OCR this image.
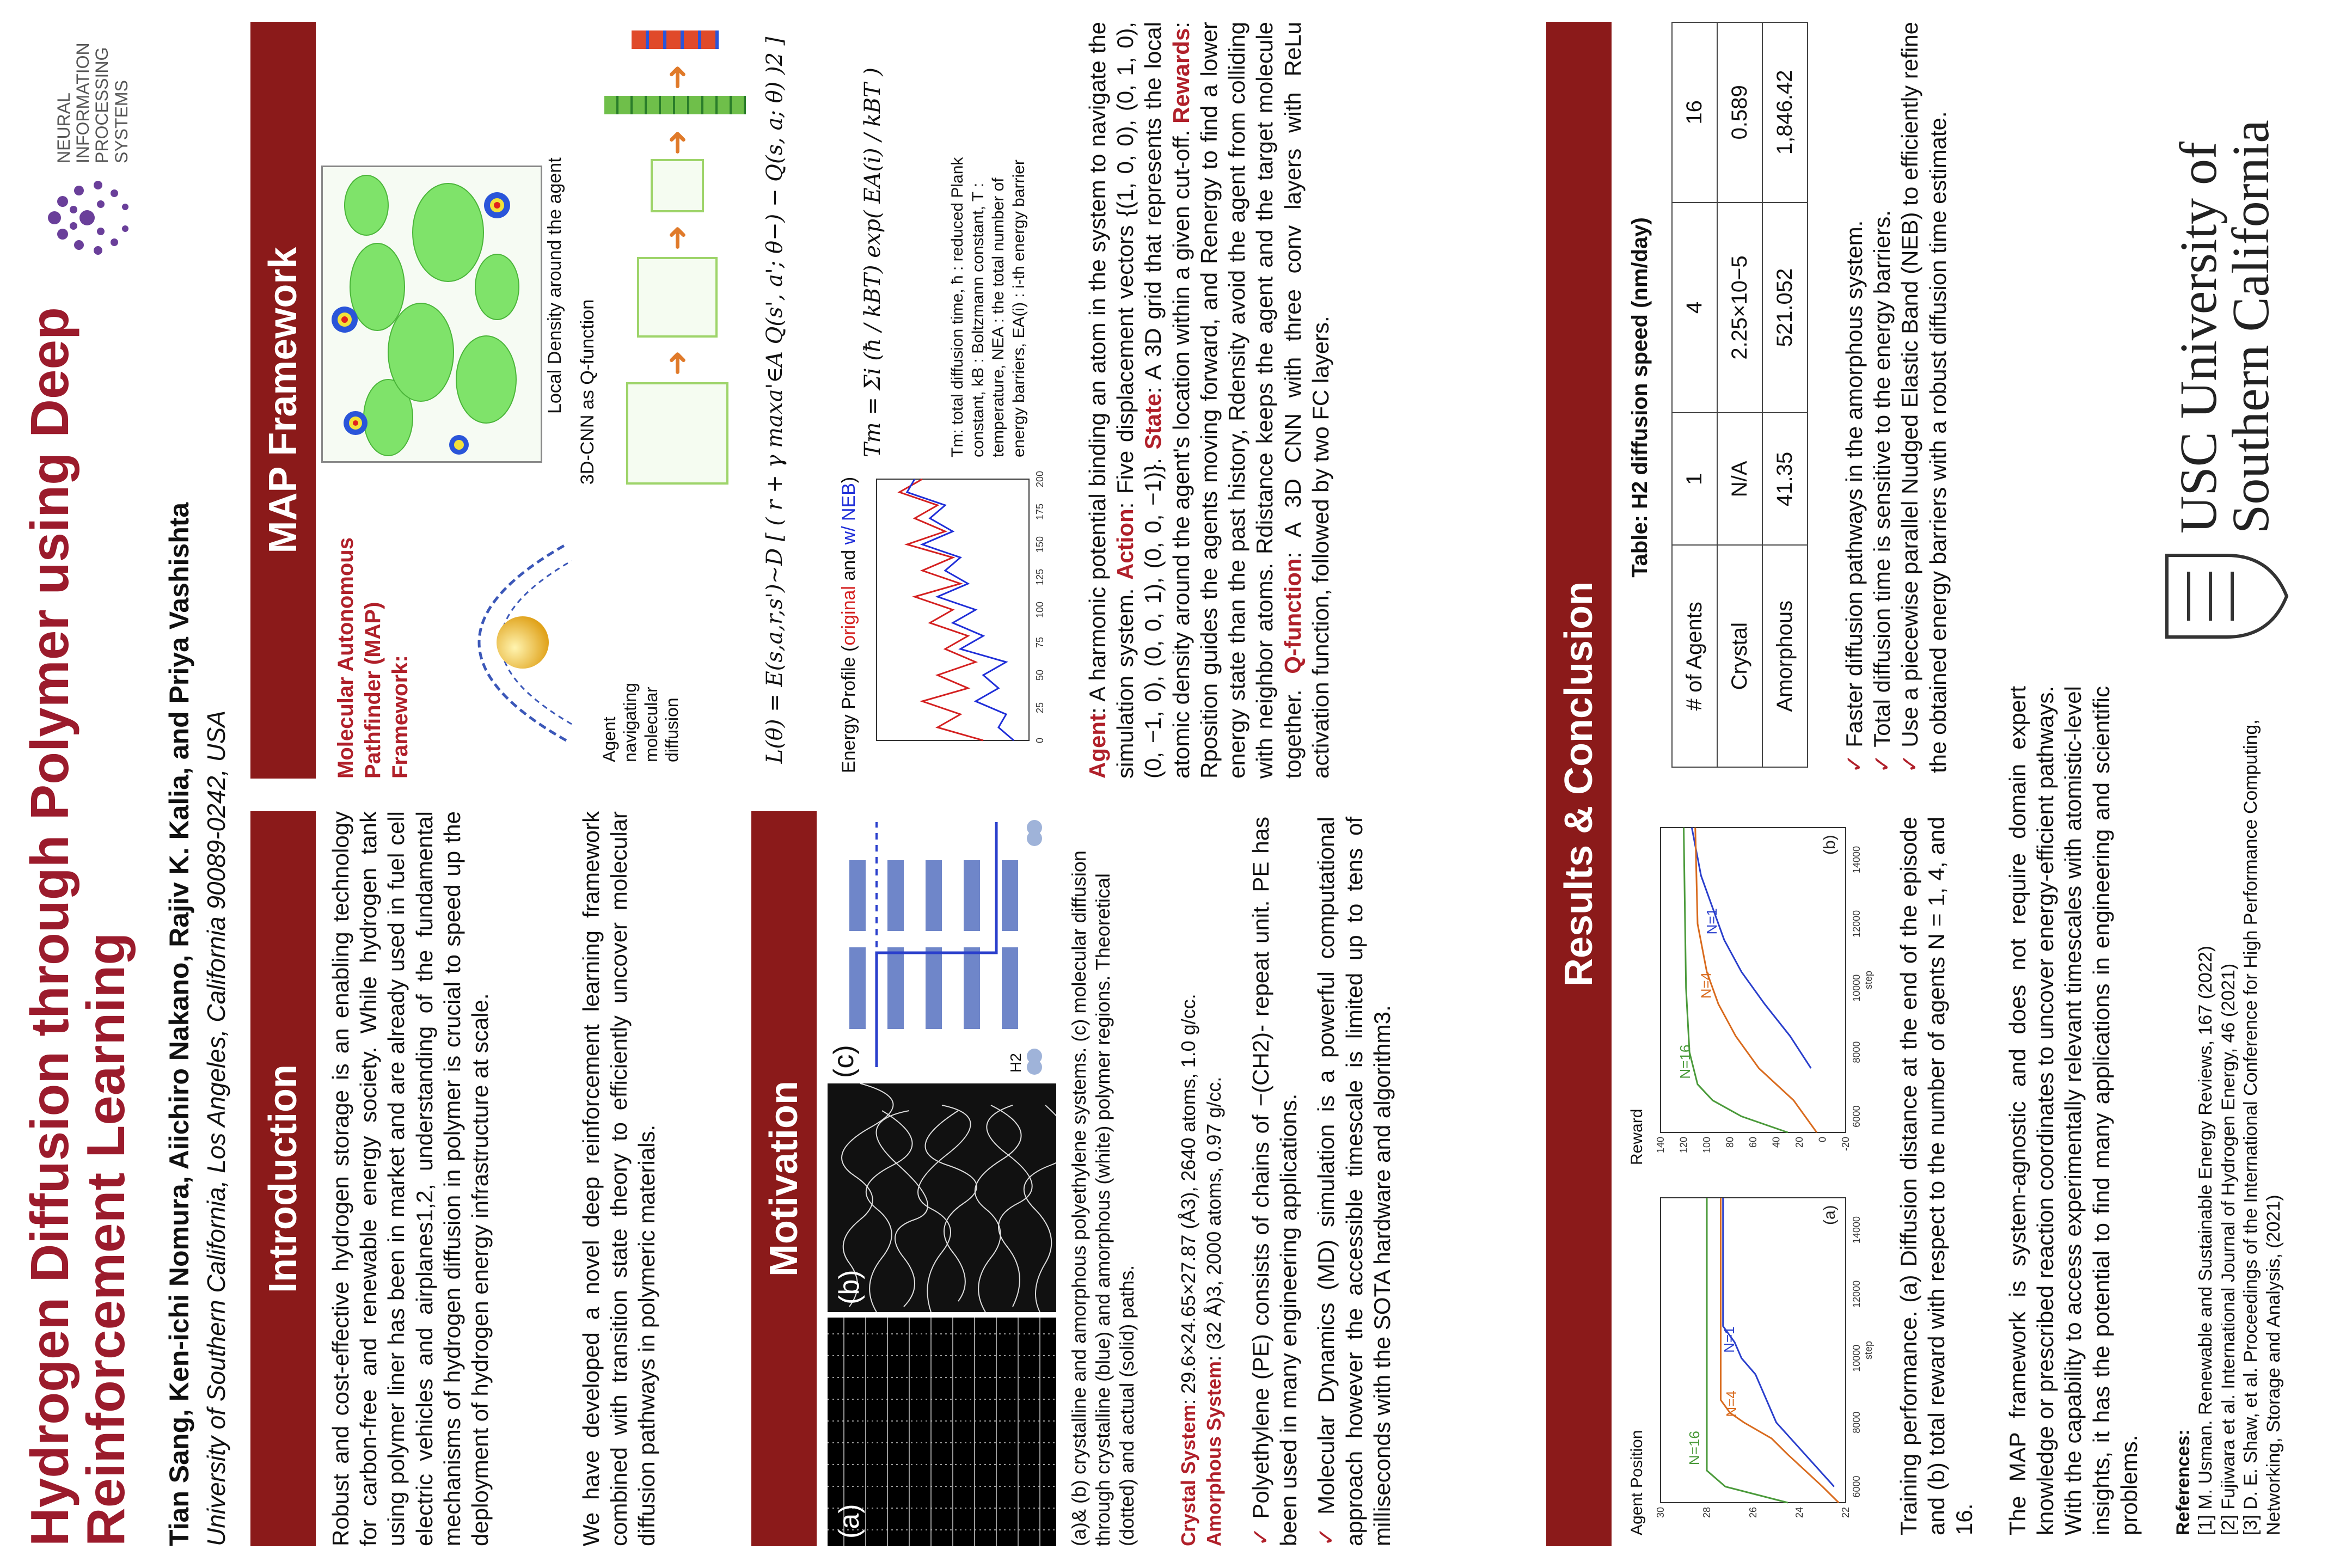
Hydrogen Diffusion through Polymer using Deep Reinforcement Learning Tian Sang, Ken-ichi Nomura, Aiichiro Nakano, Rajiv K. Kalia, and Priya Vashishta University of Southern California, Los Angeles, California 90089-0242, USA
NEURAL INFORMATION PROCESSING SYSTEMS
Introduction	Robust and cost-effective hydrogen storage is an enabling technology for carbon-free and renewable energy society. While hydrogen tank using polymer liner has been in market and are already used in fuel cell electric vehicles and airplanes1,2, understanding of the fundamental mechanisms of hydrogen diffusion in polymer is crucial to speed up the deployment of hydrogen energy infrastructure at scale.	We have developed a novel deep reinforcement learning framework combined with transition state theory to efficiently uncover molecular diffusion pathways in polymeric materials.	Motivation
(a)
(b)
(c)	H2 (a)& (b) crystalline and amorphous polyethylene systems. (c) molecular diffusion through crystalline (blue) and amorphous (white) polymer regions. Theoretical (dotted) and actual (solid) paths. Crystal System: 29.6×24.65×27.87 (Å3), 2640 atoms, 1.0 g/cc.
Amorphous System: (32 Å)3, 2000 atoms, 0.97 g/cc.
✓Polyethylene (PE) consists of chains of −(CH2)- repeat unit. PE has been used in many engineering applications. ✓Molecular Dynamics (MD) simulation is a powerful computational approach however the accessible timescale is limited up to tens of milliseconds with the SOTA hardware and algorithm3.
MAP Framework
Molecular Autonomous Pathfinder (MAP) Framework:
Local Density around the agent
Agent navigating molecular diffusion
3D-CNN as Q-function ➜
➜
➜
➜	L(θ) = E(s,a,r,s')~D [ ( r + γ maxa'∈A Q(s', a'; θ−) − Q(s, a; θ) )2 ]	Energy Profile (original and w/ NEB)
0
25
50
75
100
125
150
175
200
Tm = Σi (ħ / kBT) exp( EA(i) / kBT )	Tm: total diffusion time, ħ : reduced Plank constant, kB : Boltzmann constant, T : temperature, NEA : the total number of energy barriers, EA(i) : i-th energy barrier
Agent: A harmonic potential binding an atom in the system to navigate the simulation system. Action: Five displacement vectors {(1, 0, 0), (0, 1, 0), (0, −1, 0), (0, 0, 1), (0, 0, −1)}. State: A 3D grid that represents the local atomic density around the agent's location within a given cut-off. Rewards: Rposition guides the agents moving forward, and Renergy to find a lower energy state than the past history, Rdensity avoid the agent from colliding with neighbor atoms. Rdistance keeps the agent and the target molecule together. Q-function: A 3D CNN with three conv layers with ReLu activation function, followed by two FC layers.
Results & Conclusion
Agent Position	6000
8000
10000
12000
14000
22
24
26
28
30
step
N=1
N=4
N=16
(a)
Reward	6000
8000
10000
12000
14000
-20
0
20
40
60
80
100
120
140
step
N=1
N=4
N=16
(b)	Training performance. (a) Diffusion distance at the end of the episode and (b) total reward with respect to the number of agents N = 1, 4, and 16.
Table: H2 diffusion speed (nm/day)
# of Agents	1	4	16
Crystal	N/A	2.25×10−5	0.589
Amorphous	41.35	521.052	1,846.42
✓Faster diffusion pathways in the amorphous system.
✓Total diffusion time is sensitive to the energy barriers.
✓Use a piecewise parallel Nudged Elastic Band (NEB) to efficiently refine the obtained energy barriers with a robust diffusion time estimate.
The MAP framework is system-agnostic and does not require domain expert knowledge or prescribed reaction coordinates to uncover energy-efficient pathways. With the capability to access experimentally relevant timescales with atomistic-level insights, it has the potential to find many applications in engineering and scientific problems. References: [1] M. Usman. Renewable and Sustainable Energy Reviews, 167 (2022) [2] Fujiwara et al. International Journal of Hydrogen Energy, 46 (2021) [3] D. E. Shaw, et al. Proceedings of the International Conference for High Performance Computing, Networking, Storage and Analysis, (2021)
USC University of Southern California
